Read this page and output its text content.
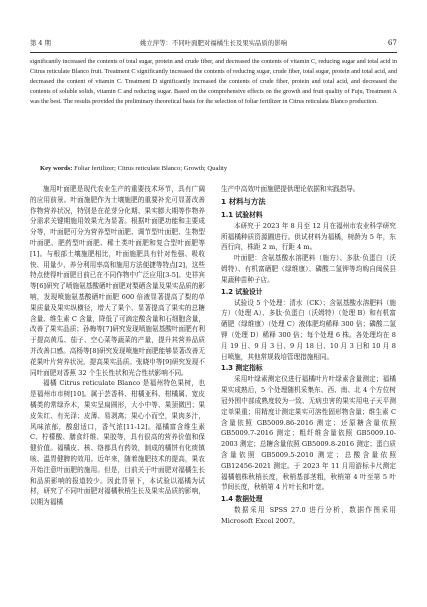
第 4 期	姚立萍等：不同叶面肥对福橘生长及果实品质的影响	67

significantly increased the contents of total sugar, protein and crude fiber, and decreased the contents of vitamin C, reducing sugar and total acid in Citrus reticulate Blanco fruit. Treatment C significantly increased the contents of reducing sugar, crude fiber, total sugar, protein and total acid, and decreased the content of vitamin C. Treatment D significantly increased the contents of crude fiber, protein and total acid, and decreased the contents of soluble solids, vitamin C and reducing sugar. Based on the comprehensive effects on the growth and fruit quality of Fuju, Treatment A was the best. The results provided the preliminary theoretical basis for the selection of foliar fertilizer in Citrus reticulata Blanco production.

Key words: Foliar fertilizer; Citrus reticulate Blanco; Growth; Quality

施用叶面肥是现代农业生产的重要技术环节，具有广阔的应用前景。叶面施肥作为土壤施肥的重要补充可显著改善作物营养状况，特别是在花芽分化期、果实膨大期等作物养分需求关键期施用效果尤为显著。根据叶面肥功能和主要成分等，叶面肥可分为营养型叶面肥、调节型叶面肥、生物型叶面肥、肥药型叶面肥、稀土类叶面肥和复合型叶面肥等[1]。与根部土壤施肥相比，叶面施肥具有针对性强、吸收快、用量少、养分利用率高和施用方法便捷等特点[2]，这些特点使得叶面肥目前已在不同作物中广泛应用[3-5]。史祥宾等[6]研究了喷施氨基酸硒叶面肥对梨硒含量及果实品质的影响，发现喷施氨基酸硒叶面肥 600 倍液显著提高了梨的单果质量及果实纵横径，增大了果个、显著提高了果实的总糖含量、维生素 C 含量，降低了可滴定酸含量和石细胞含量，改善了果实品质；孙梅等[7]研究发现喷施氨基酸叶面肥有利于提高黄瓜、茄子、空心菜等蔬菜的产量，提升其营养品质并改善口感。高杨等[8]研究发现喷施叶面肥能够显著改善无花果叶片营养状况，提高果实品质。张晓申等[9]研究发现不同叶面肥对香蕉 32 个生长性状和光合性状影响不同。

福橘 Citrus reticulate Blanco 是福州特色果树，也是福州市市树[10]。属于芸香科、柑橘亚科、柑橘属、宽皮橘类的常绿乔木，果实呈扁圆形，大小中等、果顶微凹；果皮朱红、有光泽；皮薄、易剥离；果心小而空，果肉多汁，风味浓郁，酸甜适口，香气浓[11-12]。福橘富含维生素 C、柠檬酸、膳食纤维、果胶等，具有很高的营养价值和保健价值。福橘皮、核、络都具有药效，制成的橘饼有化痰镇咳、温胃健脾的效用。近年来，随着施肥技术的提高，果农开始注意叶面肥的施用。但是，目前关于叶面肥对福橘生长和品质影响的报道较少。因此背景下，本试验以福橘为试材，研究了不同叶面肥对福橘秋梢生长及果实品质的影响，以期为福橘

生产中高效叶面施肥提供理论依据和实践指导。

1 材料与方法
1.1 试验材料

本研究于 2023 年 8 月至 12 月在福州市农业科学研究所福橘种质资源圃进行。供试材料为福橘，树龄为 5 年，东西行向，株距 2 m，行距 4 m。

叶面肥：含氨基酸水溶肥料（施方）、多肽·负蛋白（沃姆特）、有机富硒肥（绿维康）、磷酸二氢钾等均购自闽侯县果蔬种苗种子店。

1.2 试验设计

试验设 5 个处理：清水（CK）；含氨基酸水溶肥料（施方）（处理 A）、多肽·负蛋白（沃姆特）（处理 B）和有机富硒肥（绿维康）（处理 C）液体肥均稀释 300 倍；磷酸二氢钾（处理 D）稀释 300 倍；每个处理 6 株。各处理均在 8 月 19 日、9 月 3 日、9 月 18 日、10 月 3 日和 10 月 8 日喷施，其他常规栽培管理措施相同。

1.3 测定指标

采用叶绿素测定仪进行福橘叶片叶绿素含量测定；福橘果实成熟后，5 个处理随机采集东、西、南、北 4 个方位树冠外围中部成熟度较为一致、无病虫害的果实用电子天平测定单果重；用精度计测定果实可溶性固形物含量；维生素 C 含量依照 GB5009.86-2016 测定；还原糖含量依照 GB5009.7-2016 测定；粗纤维含量依照 GB5009.10-2003 测定；总糖含量依照 GB5009.8-2016 测定；蛋白质含量依照 GB5009.5-2010 测定；总酸含量依照 GB12456-2021 测定。于 2023 年 11 月用游标卡尺测定福橘植株秋梢长度，秋梢基部茎粗，秋梢第 4 叶至第 5 叶节间长度，秋梢第 4 片叶长和叶宽。

1.4 数据处理

数据采用 SPSS 27.0 进行分析，数据作图采用 Microsoft Excel 2007。
